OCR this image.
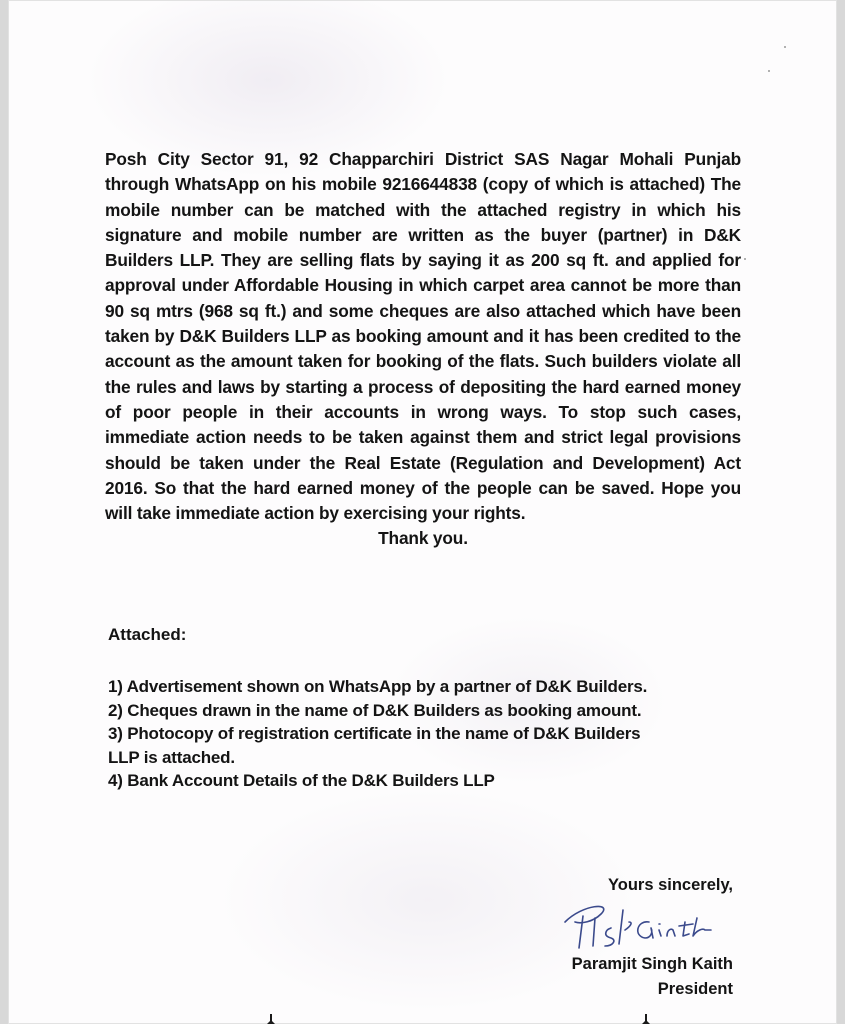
Posh City Sector 91, 92 Chapparchiri District SAS Nagar Mohali Punjab through WhatsApp on his mobile 9216644838 (copy of which is attached) The mobile number can be matched with the attached registry in which his signature and mobile number are written as the buyer (partner) in D&K Builders LLP. They are selling flats by saying it as 200 sq ft. and applied for approval under Affordable Housing in which carpet area cannot be more than 90 sq mtrs (968 sq ft.) and some cheques are also attached which have been taken by D&K Builders LLP as booking amount and it has been credited to the account as the amount taken for booking of the flats. Such builders violate all the rules and laws by starting a process of depositing the hard earned money of poor people in their accounts in wrong ways. To stop such cases, immediate action needs to be taken against them and strict legal provisions should be taken under the Real Estate (Regulation and Development) Act 2016. So that the hard earned money of the people can be saved. Hope you will take immediate action by exercising your rights.

Thank you.

Attached:
1) Advertisement shown on WhatsApp by a partner of D&K Builders.
2) Cheques drawn in the name of D&K Builders as booking amount.
3) Photocopy of registration certificate in the name of D&K Builders
LLP is attached.
4) Bank Account Details of the D&K Builders LLP
Yours sincerely,
Paramjit Singh Kaith
President
